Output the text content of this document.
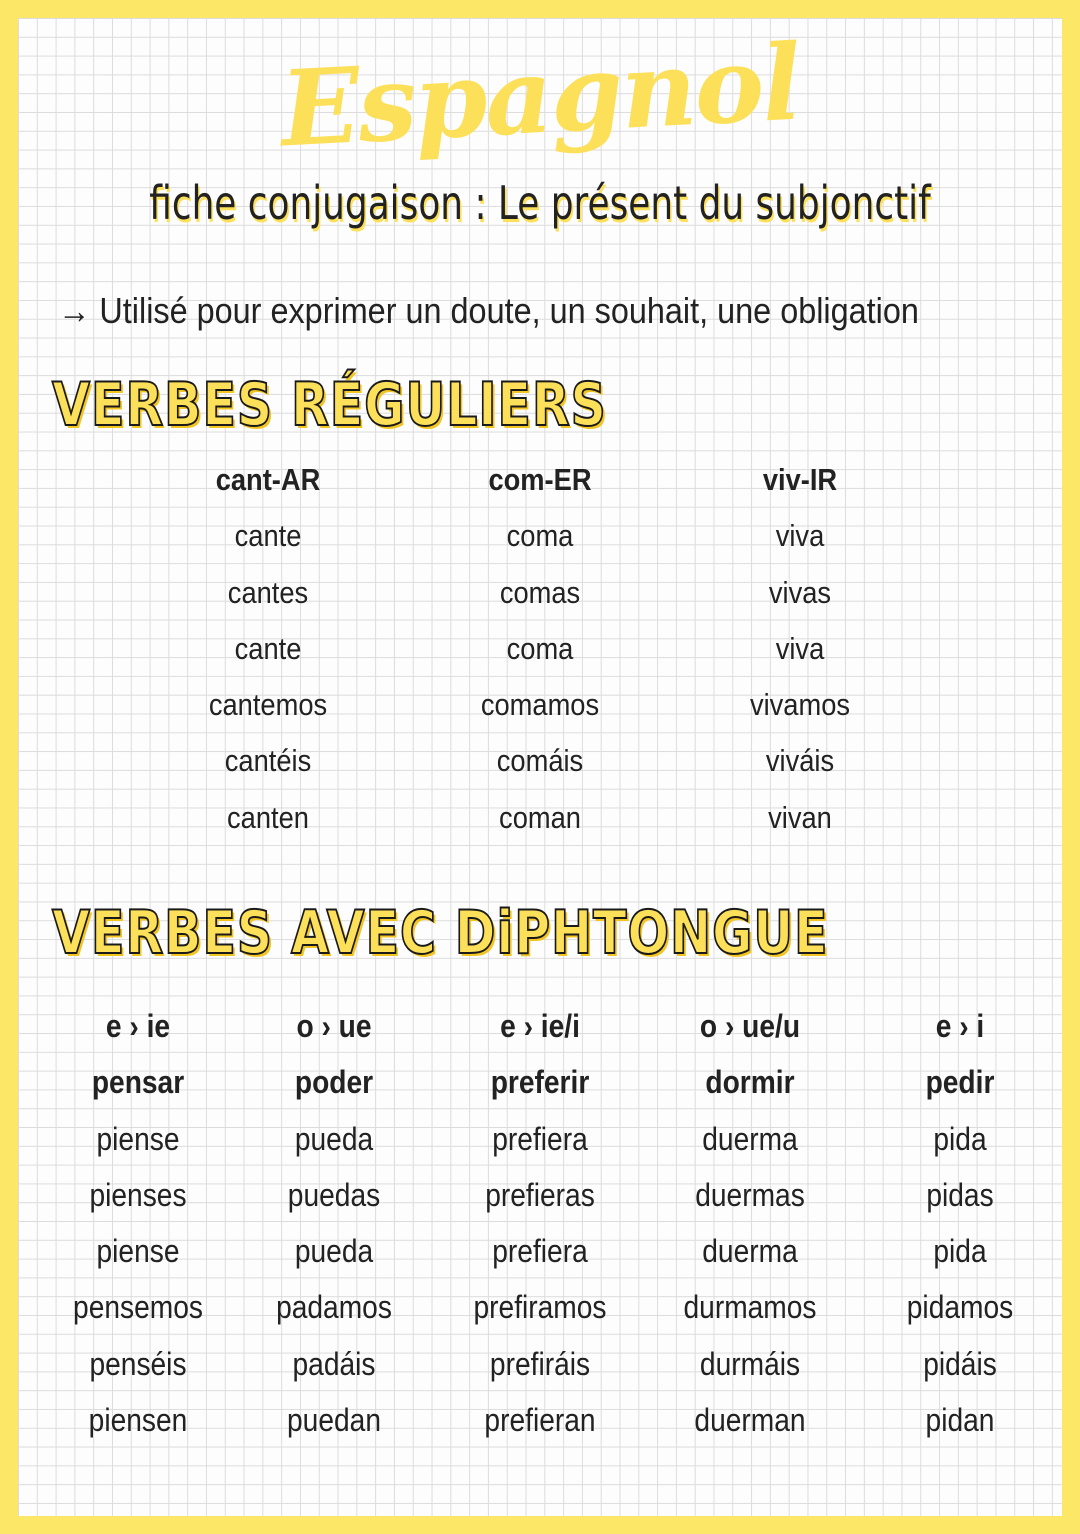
Espagnol
fiche conjugaison : Le présent du subjonctif
→ Utilisé pour exprimer un doute, un souhait, une obligation
VERBES RÉGULIERS
cant-AR
cante
cantes
cante
cantemos
cantéis
canten
com-ER
coma
comas
coma
comamos
comáis
coman
viv-IR
viva
vivas
viva
vivamos
viváis
vivan
VERBES AVEC DiPHTONGUE
e › ie
pensar
piense
pienses
piense
pensemos
penséis
piensen
o › ue
poder
pueda
puedas
pueda
padamos
padáis
puedan
e › ie/i
preferir
prefiera
prefieras
prefiera
prefiramos
prefiráis
prefieran
o › ue/u
dormir
duerma
duermas
duerma
durmamos
durmáis
duerman
e › i
pedir
pida
pidas
pida
pidamos
pidáis
pidan
